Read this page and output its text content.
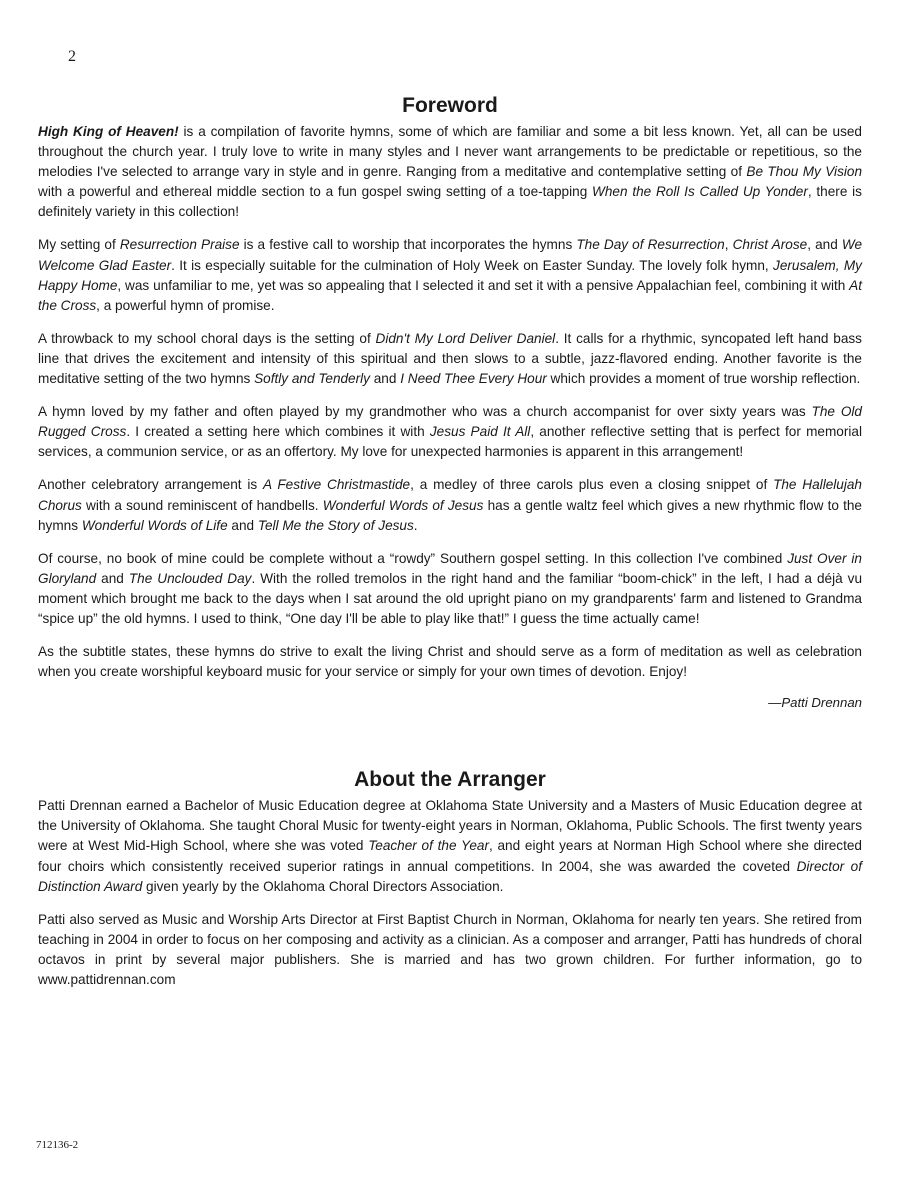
2
Foreword

High King of Heaven! is a compilation of favorite hymns, some of which are familiar and some a bit less known. Yet, all can be used throughout the church year. I truly love to write in many styles and I never want arrangements to be predictable or repetitious, so the melodies I've selected to arrange vary in style and in genre. Ranging from a meditative and contemplative setting of Be Thou My Vision with a powerful and ethereal middle section to a fun gospel swing setting of a toe-tapping When the Roll Is Called Up Yonder, there is definitely variety in this collection!

My setting of Resurrection Praise is a festive call to worship that incorporates the hymns The Day of Resurrection, Christ Arose, and We Welcome Glad Easter. It is especially suitable for the culmination of Holy Week on Easter Sunday. The lovely folk hymn, Jerusalem, My Happy Home, was unfamiliar to me, yet was so appealing that I selected it and set it with a pensive Appalachian feel, combining it with At the Cross, a powerful hymn of promise.

A throwback to my school choral days is the setting of Didn't My Lord Deliver Daniel. It calls for a rhythmic, syncopated left hand bass line that drives the excitement and intensity of this spiritual and then slows to a subtle, jazz-flavored ending. Another favorite is the meditative setting of the two hymns Softly and Tenderly and I Need Thee Every Hour which provides a moment of true worship reflection.

A hymn loved by my father and often played by my grandmother who was a church accompanist for over sixty years was The Old Rugged Cross. I created a setting here which combines it with Jesus Paid It All, another reflective setting that is perfect for memorial services, a communion service, or as an offertory. My love for unexpected harmonies is apparent in this arrangement!

Another celebratory arrangement is A Festive Christmastide, a medley of three carols plus even a closing snippet of The Hallelujah Chorus with a sound reminiscent of handbells. Wonderful Words of Jesus has a gentle waltz feel which gives a new rhythmic flow to the hymns Wonderful Words of Life and Tell Me the Story of Jesus.

Of course, no book of mine could be complete without a “rowdy” Southern gospel setting. In this collection I've combined Just Over in Gloryland and The Unclouded Day. With the rolled tremolos in the right hand and the familiar “boom-chick” in the left, I had a déjà vu moment which brought me back to the days when I sat around the old upright piano on my grandparents' farm and listened to Grandma “spice up” the old hymns. I used to think, “One day I'll be able to play like that!” I guess the time actually came!

As the subtitle states, these hymns do strive to exalt the living Christ and should serve as a form of meditation as well as celebration when you create worshipful keyboard music for your service or simply for your own times of devotion. Enjoy!

—Patti Drennan
About the Arranger

Patti Drennan earned a Bachelor of Music Education degree at Oklahoma State University and a Masters of Music Education degree at the University of Oklahoma. She taught Choral Music for twenty-eight years in Norman, Oklahoma, Public Schools. The first twenty years were at West Mid-High School, where she was voted Teacher of the Year, and eight years at Norman High School where she directed four choirs which consistently received superior ratings in annual competitions. In 2004, she was awarded the coveted Director of Distinction Award given yearly by the Oklahoma Choral Directors Association.

Patti also served as Music and Worship Arts Director at First Baptist Church in Norman, Oklahoma for nearly ten years. She retired from teaching in 2004 in order to focus on her composing and activity as a clinician. As a composer and arranger, Patti has hundreds of choral octavos in print by several major publishers. She is married and has two grown children. For further information, go to www.pattidrennan.com

712136-2
